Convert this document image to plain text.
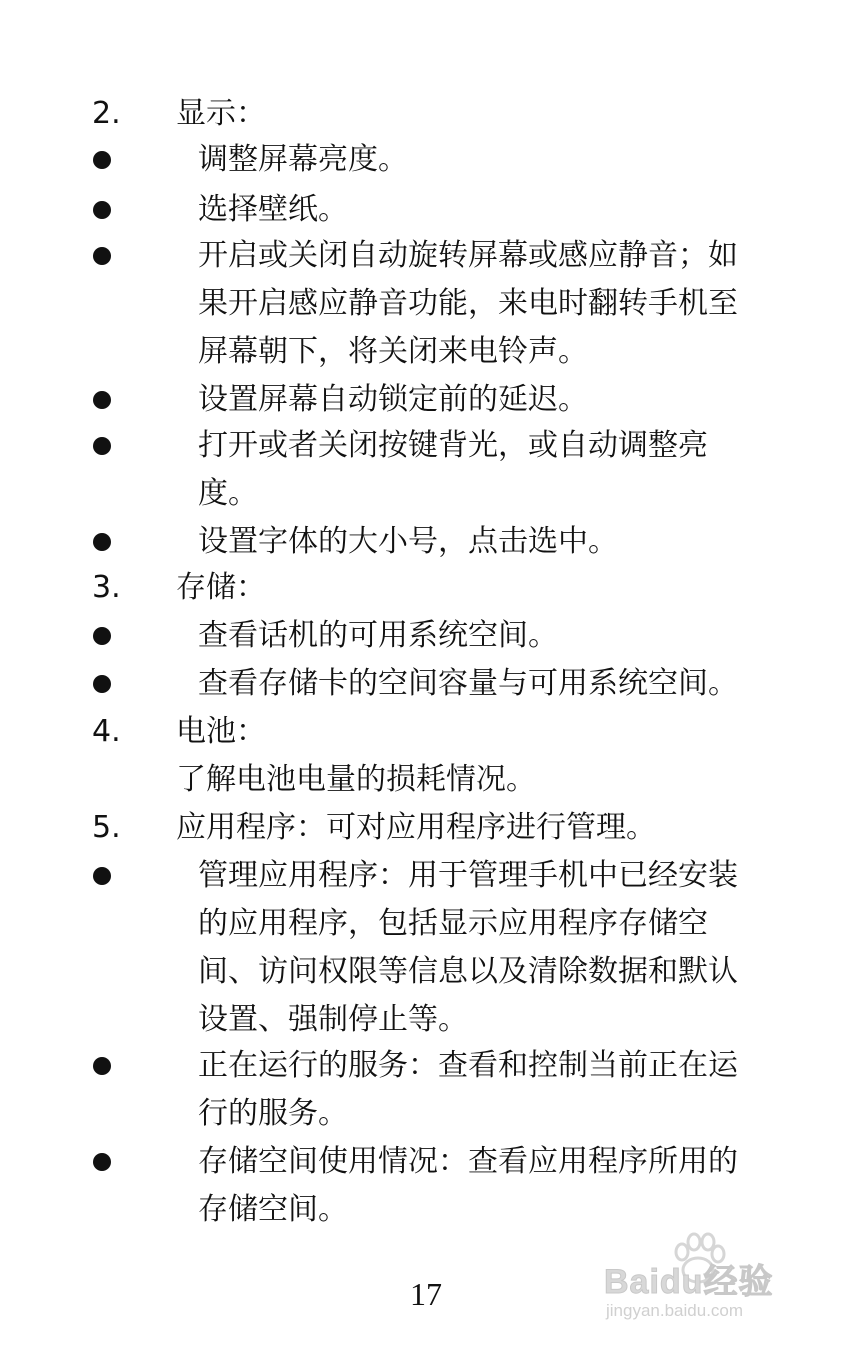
2. 显示：
调整屏幕亮度。
选择壁纸。
开启或关闭自动旋转屏幕或感应静音；如
果开启感应静音功能，来电时翻转手机至
屏幕朝下，将关闭来电铃声。
设置屏幕自动锁定前的延迟。
打开或者关闭按键背光，或自动调整亮
度。
设置字体的大小号，点击选中。
3. 存储：
查看话机的可用系统空间。
查看存储卡的空间容量与可用系统空间。
4. 电池：
了解电池电量的损耗情况。
5. 应用程序：可对应用程序进行管理。
管理应用程序：用于管理手机中已经安装
的应用程序，包括显示应用程序存储空
间、访问权限等信息以及清除数据和默认
设置、强制停止等。
正在运行的服务：查看和控制当前正在运
行的服务。
存储空间使用情况：查看应用程序所用的
存储空间。
17	Baidu经验
jingyan.baidu.com
